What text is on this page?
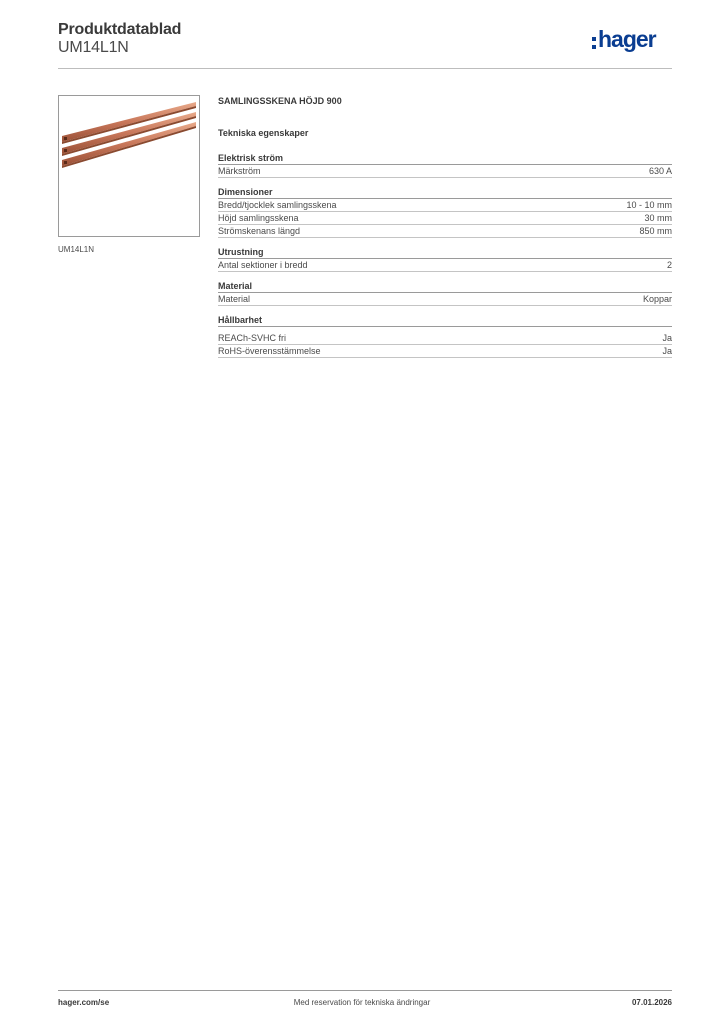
Produktdatablad
UM14L1N	hager
UM14L1N
SAMLINGSSKENA HÖJD 900
Tekniska egenskaper
Elektrisk ström
Märkström	630 A
Dimensioner
Bredd/tjocklek samlingsskena	10 - 10 mm
Höjd samlingsskena	30 mm
Strömskenans längd	850 mm
Utrustning
Antal sektioner i bredd	2
Material
Material	Koppar
Hållbarhet
REACh-SVHC fri	Ja
RoHS-överensstämmelse	Ja
Med reservation för tekniska ändringar
hager.com/se	07.01.2026
